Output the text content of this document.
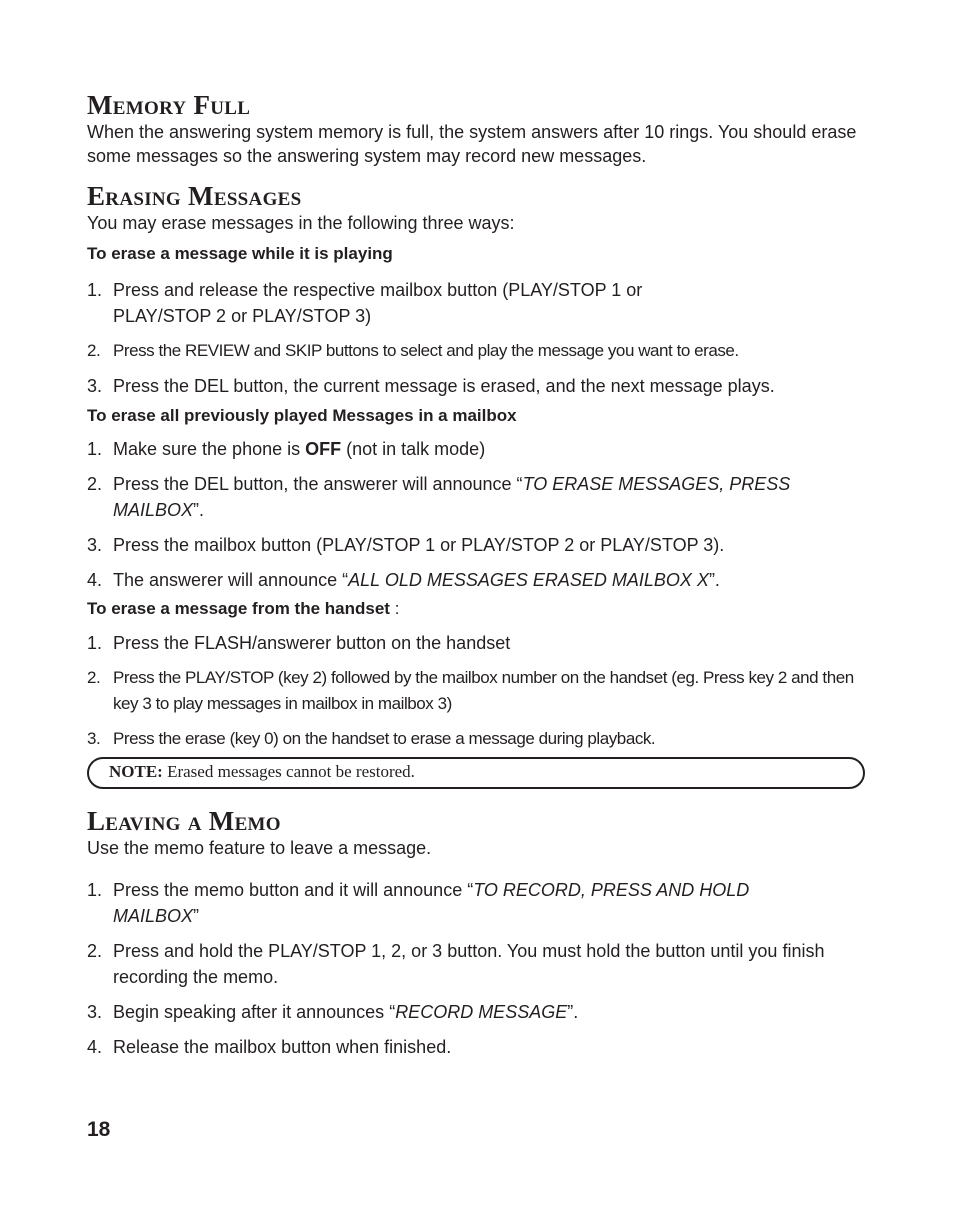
Memory Full

When the answering system memory is full, the system answers after 10 rings. You should erase some messages so the answering system may record new messages.

Erasing Messages

You may erase messages in the following three ways:

To erase a message while it is playing

1. Press and release the respective mailbox button (PLAY/STOP 1 or PLAY/STOP 2 or PLAY/STOP 3)
2. Press the REVIEW and SKIP buttons to select and play the message you want to erase.
3. Press the DEL button, the current message is erased, and the next message plays.

To erase all previously played Messages in a mailbox

1. Make sure the phone is OFF (not in talk mode)
2. Press the DEL button, the answerer will announce “TO ERASE MESSAGES, PRESS MAILBOX”.
3. Press the mailbox button (PLAY/STOP 1 or PLAY/STOP 2 or PLAY/STOP 3).
4. The answerer will announce “ALL OLD MESSAGES ERASED MAILBOX X”.

To erase a message from the handset :

1. Press the FLASH/answerer button on the handset
2. Press the PLAY/STOP (key 2) followed by the mailbox number on the handset (eg. Press key 2 and then key 3 to play messages in mailbox in mailbox 3)
3. Press the erase (key 0) on the handset to erase a message during playback.
NOTE: Erased messages cannot be restored.
Leaving a Memo

Use the memo feature to leave a message.

1. Press the memo button and it will announce “TO RECORD, PRESS AND HOLD MAILBOX”
2. Press and hold the PLAY/STOP 1, 2, or 3 button. You must hold the button until you finish recording the memo.
3. Begin speaking after it announces “RECORD MESSAGE”.
4. Release the mailbox button when finished.
18
